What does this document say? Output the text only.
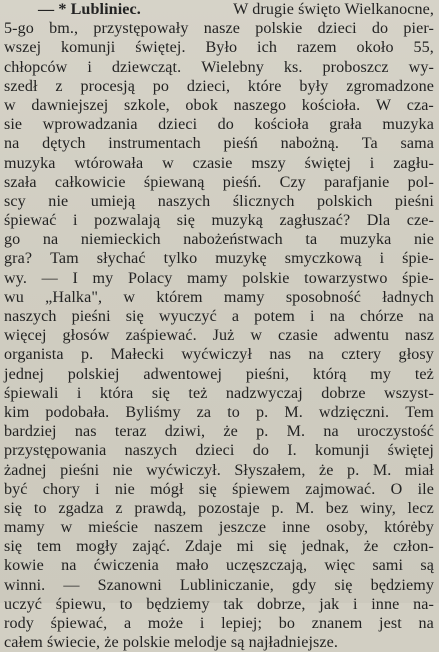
— * Lubliniec.	W drugie święto Wielkanocne,
5-go bm., przystępowały nasze polskie dzieci do pier-
wszej komunji świętej. Było ich razem około 55,
chłopców i dziewcząt. Wielebny ks. proboszcz wy-
szedł z procesją po dzieci, które były zgromadzone
w dawniejszej szkole, obok naszego kościoła. W cza-
sie wprowadzania dzieci do kościoła grała muzyka
na dętych instrumentach pieśń nabożną. Ta sama
muzyka wtórowała w czasie mszy świętej i zagłu-
szała całkowicie śpiewaną pieśń. Czy parafjanie pol-
scy nie umieją naszych ślicznych polskich pieśni
śpiewać i pozwalają się muzyką zagłuszać? Dla cze-
go na niemieckich nabożeństwach ta muzyka nie
gra? Tam słychać tylko muzykę smyczkową i śpie-
wy. — I my Polacy mamy polskie towarzystwo śpie-
wu „Halka", w którem mamy sposobność ładnych
naszych pieśni się wyuczyć a potem i na chórze na
więcej głosów zaśpiewać. Już w czasie adwentu nasz
organista p. Małecki wyćwiczył nas na cztery głosy
jednej polskiej adwentowej pieśni, którą my też
śpiewali i która się też nadzwyczaj dobrze wszyst-
kim podobała. Byliśmy za to p. M. wdzięczni. Tem
bardziej nas teraz dziwi, że p. M. na uroczystość
przystępowania naszych dzieci do I. komunji świętej
żadnej pieśni nie wyćwiczył. Słyszałem, że p. M. miał
być chory i nie mógł się śpiewem zajmować. O ile
się to zgadza z prawdą, pozostaje p. M. bez winy, lecz
mamy w mieście naszem jeszcze inne osoby, którėby
się tem mogły zająć. Zdaje mi się jednak, że człon-
kowie na ćwiczenia mało uczęszczają, więc sami są
winni. — Szanowni Lubliniczanie, gdy się będziemy
uczyć śpiewu, to będziemy tak dobrze, jak i inne na-
rody śpiewać, a może i lepiej; bo znanem jest na
całem świecie, że polskie melodje są najładniejsze.
